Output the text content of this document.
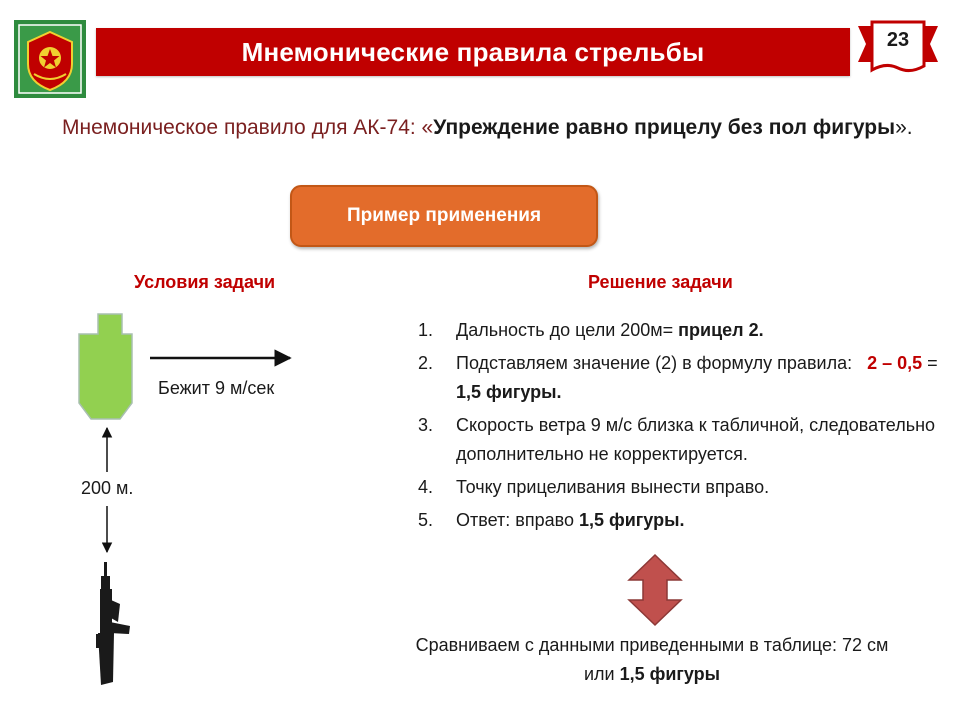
Мнемонические правила стрельбы	23
Мнемоническое правило для АК-74: «Упреждение равно прицелу без пол фигуры».
Пример применения
Условия задачи	Решение задачи
Бежит 9 м/сек
200 м.
1.	Дальность до цели 200м= прицел 2.
2.	Подставляем значение (2) в формулу правила:   2 – 0,5 = 1,5 фигуры.
3.	Скорость ветра 9 м/с близка к табличной, следовательно дополнительно не корректируется.
4.	Точку прицеливания вынести вправо.
5.	Ответ: вправо 1,5 фигуры.
Сравниваем с данными приведенными в таблице: 72 см или 1,5 фигуры
